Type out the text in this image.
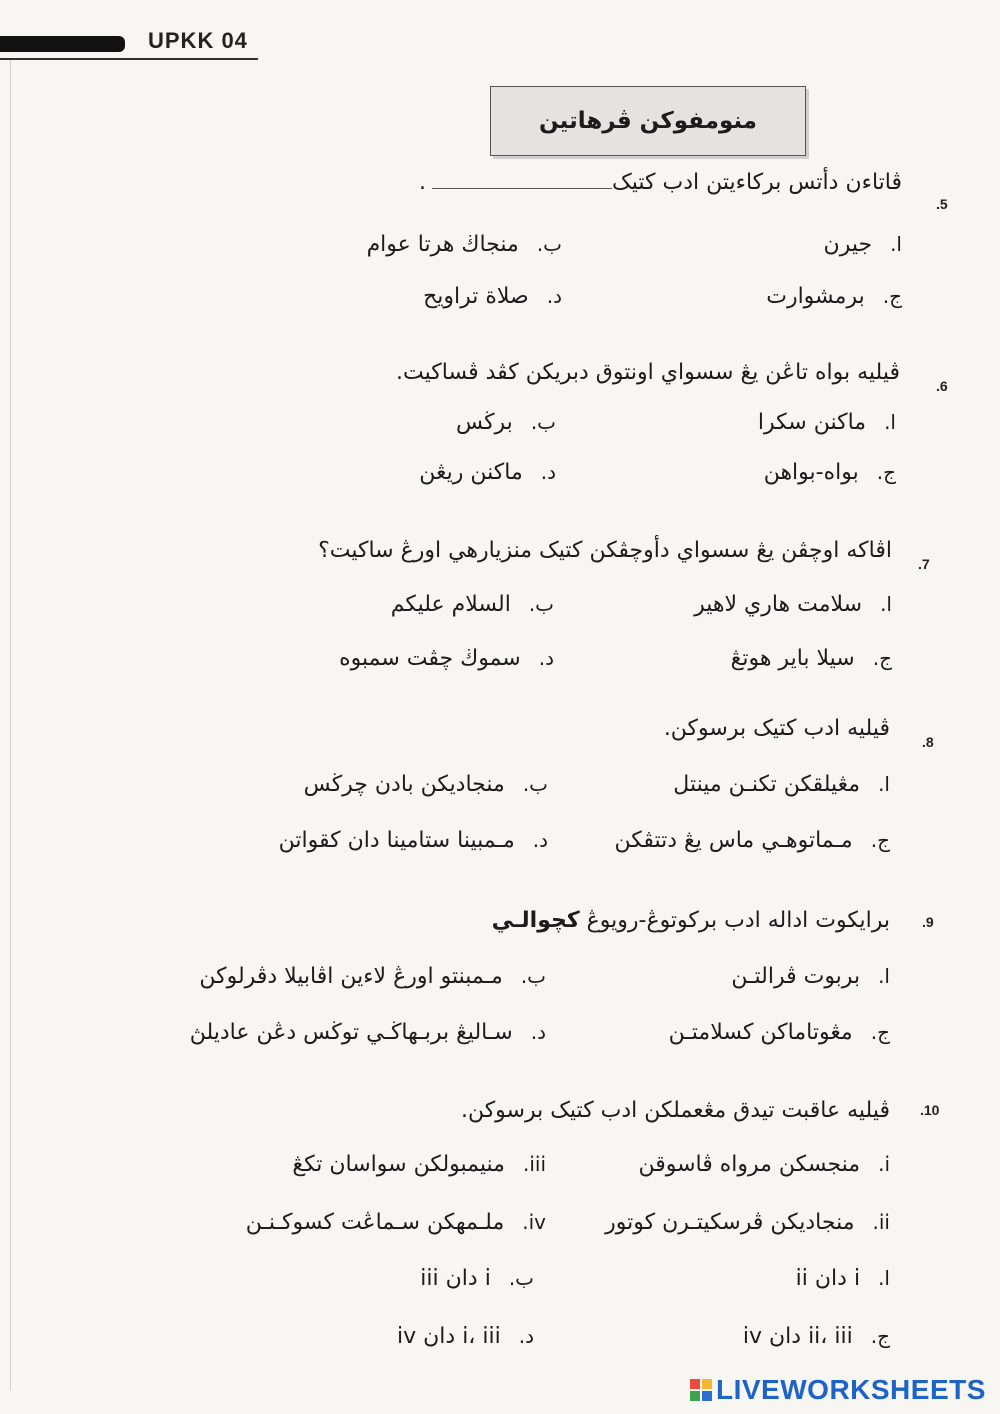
UPKK 04
منومفوکن ڤرهاتين
.5
ڤاتاءن دأتس برکاءيتن ادب کتيک.
ا.
جيرن
ب.
منجاڬ هرتا عوام
ج.
برمشوارت
د.
صلاة تراويح
.6
ڤيليه بواه تاڠن يڠ سسواي اونتوق دبريکن کڤد ڤساکيت.
ا.
ماکنن سکرا
ب.
برڬس
ج.
بواه-بواهن
د.
ماکنن ريڠن
.7
اڤاکه اوچڤن يڠ سسواي دأوچڤکن کتيک منزيارهي اورڠ ساکيت؟
ا.
سلامت هاري لاهير
ب.
السلام عليکم
ج.
سيلا باير هوتڠ
د.
سموڬ چڤت سمبوه
.8
ڤيليه ادب کتيک برسوکن.
ا.
مڠيلقکن تکنـن مينتل
ب.
منجاديکن بادن چرڬس
ج.
مـماتوهـي ماس يڠ دتتڤکن
د.
مـمبينا ستامينا دان کقواتن
.9
برايکوت اداله ادب برکوتوڠ-رويوڠ کچوالـي
ا.
بربوت ڤرالتـن
ب.
مـمبنتو اورڠ لاءين اڤابيلا دڤرلوکن
ج.
مڠوتاماکن کسلامتـن
د.
سـاليڠ بربـهاڬـي توڬس دڠن عاديلڽ
.10
ڤيليه عاقبت تيدق مڠعملکن ادب کتيک برسوکن.
i.
منجسکن مرواه ڤاسوقن
iii.
منيمبولکن سواسان تکڠ
ii.
منجاديکن ڤرسکيتـرن کوتور
iv.
ملـمهکن سـماڠت کسوکـنـن
ا.
i دان ii
ب.
i دان iii
ج.
ii، iii دان iv
د.
i، iii دان iv
LIVEWORKSHEETS
